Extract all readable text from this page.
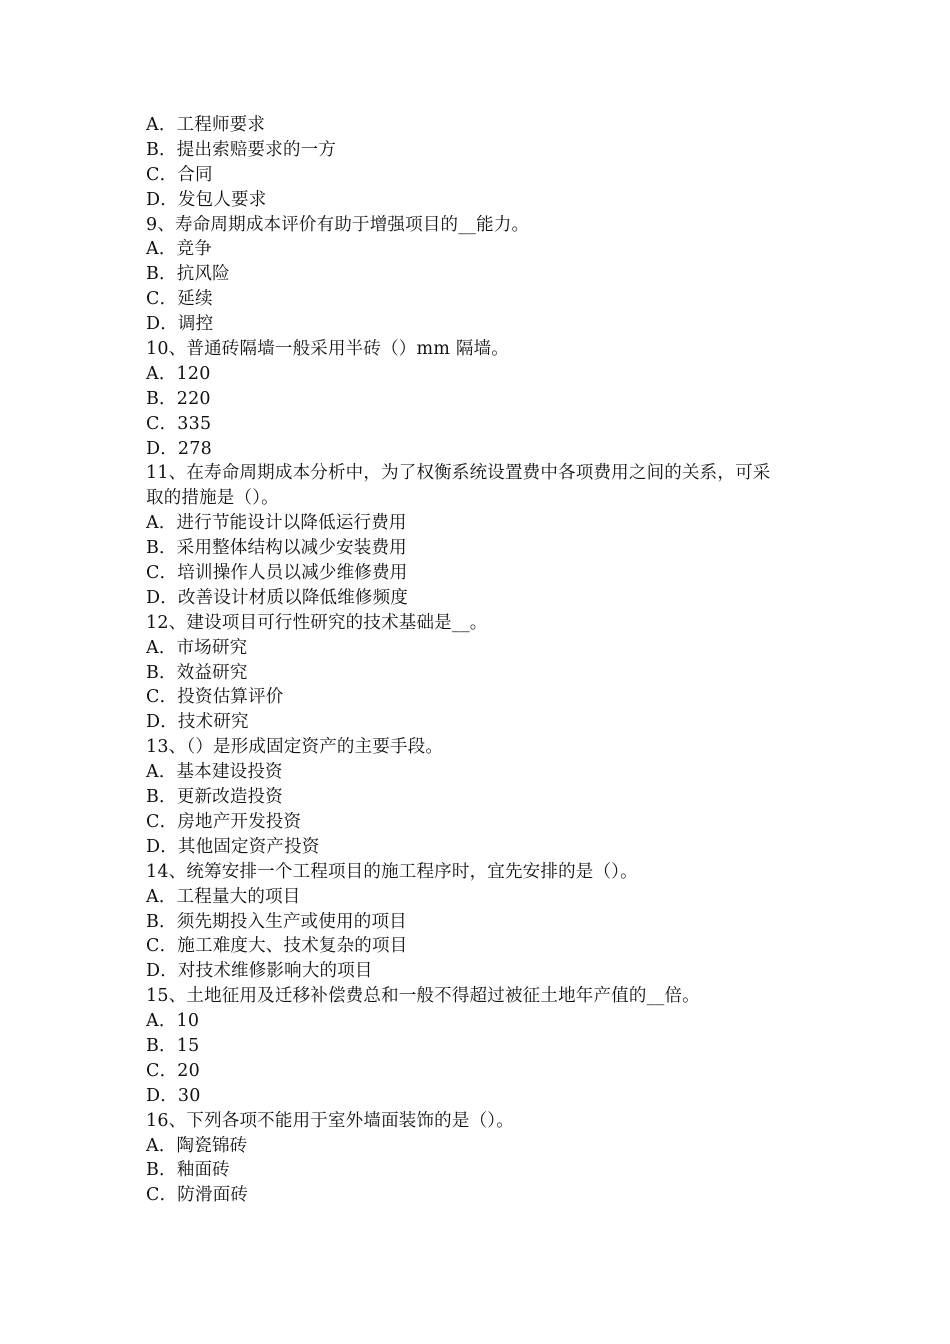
A．工程师要求
B．提出索赔要求的一方
C．合同
D．发包人要求
9、寿命周期成本评价有助于增强项目的__能力。
A．竞争
B．抗风险
C．延续
D．调控
10、普通砖隔墙一般采用半砖（）mm 隔墙。
A．120
B．220
C．335
D．278
11、在寿命周期成本分析中，为了权衡系统设置费中各项费用之间的关系，可采
取的措施是（）。
A．进行节能设计以降低运行费用
B．采用整体结构以减少安装费用
C．培训操作人员以减少维修费用
D．改善设计材质以降低维修频度
12、建设项目可行性研究的技术基础是__。
A．市场研究
B．效益研究
C．投资估算评价
D．技术研究
13、（）是形成固定资产的主要手段。
A．基本建设投资
B．更新改造投资
C．房地产开发投资
D．其他固定资产投资
14、统筹安排一个工程项目的施工程序时，宜先安排的是（）。
A．工程量大的项目
B．须先期投入生产或使用的项目
C．施工难度大、技术复杂的项目
D．对技术维修影响大的项目
15、土地征用及迁移补偿费总和一般不得超过被征土地年产值的__倍。
A．10
B．15
C．20
D．30
16、下列各项不能用于室外墙面装饰的是（）。
A．陶瓷锦砖
B．釉面砖
C．防滑面砖
